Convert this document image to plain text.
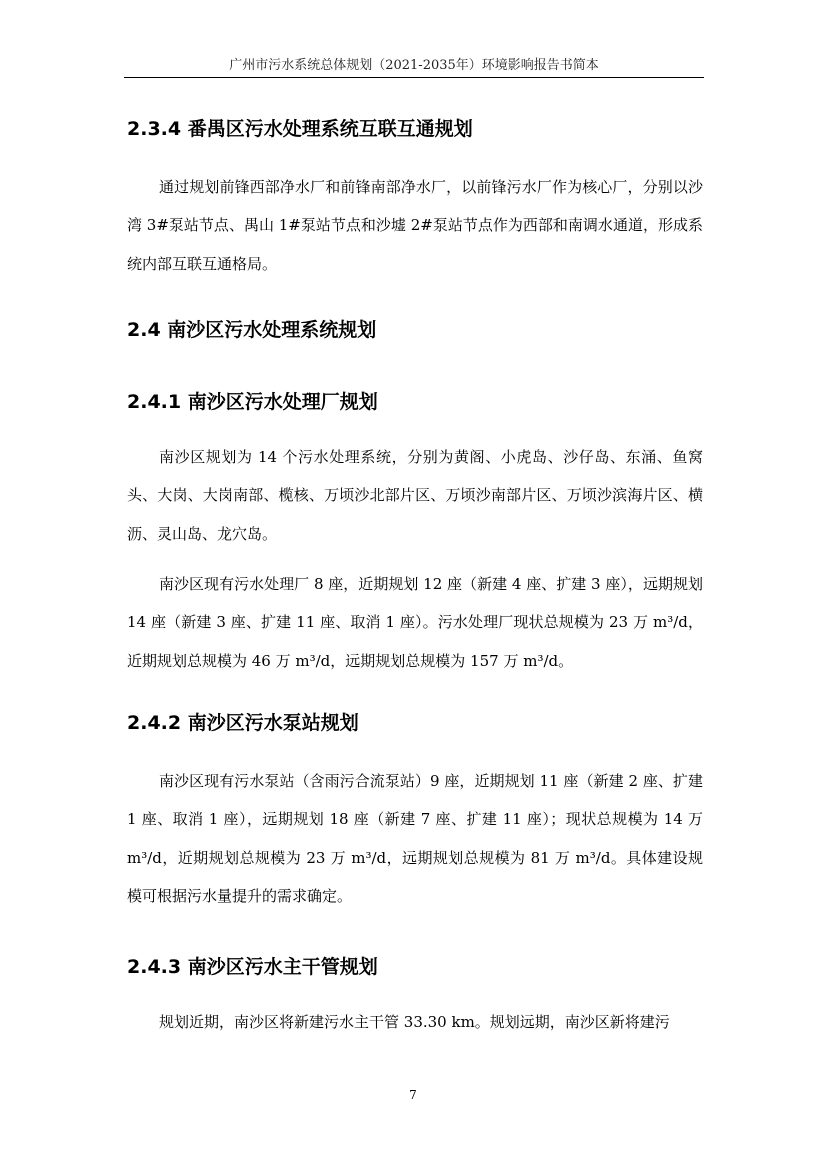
广州市污水系统总体规划（2021-2035年）环境影响报告书简本
2.3.4 番禺区污水处理系统互联互通规划

通过规划前锋西部净水厂和前锋南部净水厂，以前锋污水厂作为核心厂，分别以沙湾 3#泵站节点、禺山 1#泵站节点和沙墟 2#泵站节点作为西部和南调水通道，形成系统内部互联互通格局。

2.4 南沙区污水处理系统规划
2.4.1 南沙区污水处理厂规划

南沙区规划为 14 个污水处理系统，分别为黄阁、小虎岛、沙仔岛、东涌、鱼窝头、大岗、大岗南部、榄核、万顷沙北部片区、万顷沙南部片区、万顷沙滨海片区、横沥、灵山岛、龙穴岛。

南沙区现有污水处理厂 8 座，近期规划 12 座（新建 4 座、扩建 3 座），远期规划 14 座（新建 3 座、扩建 11 座、取消 1 座）。污水处理厂现状总规模为 23 万 m³/d，近期规划总规模为 46 万 m³/d，远期规划总规模为 157 万 m³/d。

2.4.2 南沙区污水泵站规划

南沙区现有污水泵站（含雨污合流泵站）9 座，近期规划 11 座（新建 2 座、扩建 1 座、取消 1 座），远期规划 18 座（新建 7 座、扩建 11 座）；现状总规模为 14 万 m³/d，近期规划总规模为 23 万 m³/d，远期规划总规模为 81 万 m³/d。具体建设规模可根据污水量提升的需求确定。

2.4.3 南沙区污水主干管规划

规划近期，南沙区将新建污水主干管 33.30 km。规划远期，南沙区新将建污

7
